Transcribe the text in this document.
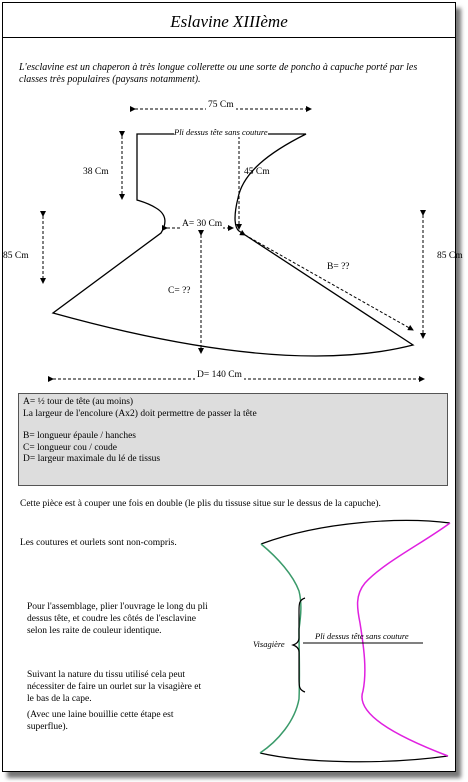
Eslavine XIIIème
L'esclavine est un chaperon à très longue collerette ou une sorte de poncho à capuche porté par les classes très populaires (paysans notamment).
75 Cm
Pli dessus tête sans couture
38 Cm	45 Cm
A= 30 Cm
85 Cm	85 Cm
B= ??
C= ??
D= 140 Cm
A= ½ tour de tête (au moins)
La largeur de l'encolure (Ax2) doit permettre de passer la tête
B= longueur épaule / hanches
C= longueur cou / coude
D= largeur maximale du lé de tissus
Cette pièce est à couper une fois en double (le plis du tissuse situe sur le dessus de la capuche).
Les coutures et ourlets sont non-compris.
Pour l'assemblage, plier l'ouvrage le long du pli dessus tête, et coudre les côtés de l'esclavine selon les raite de couleur identique.
Suivant la nature du tissu utilisé cela peut nécessiter de faire un ourlet sur la visagière et le bas de la cape.
(Avec une laine bouillie cette étape est superflue).
Visagière
Pli dessus tête sans couture
